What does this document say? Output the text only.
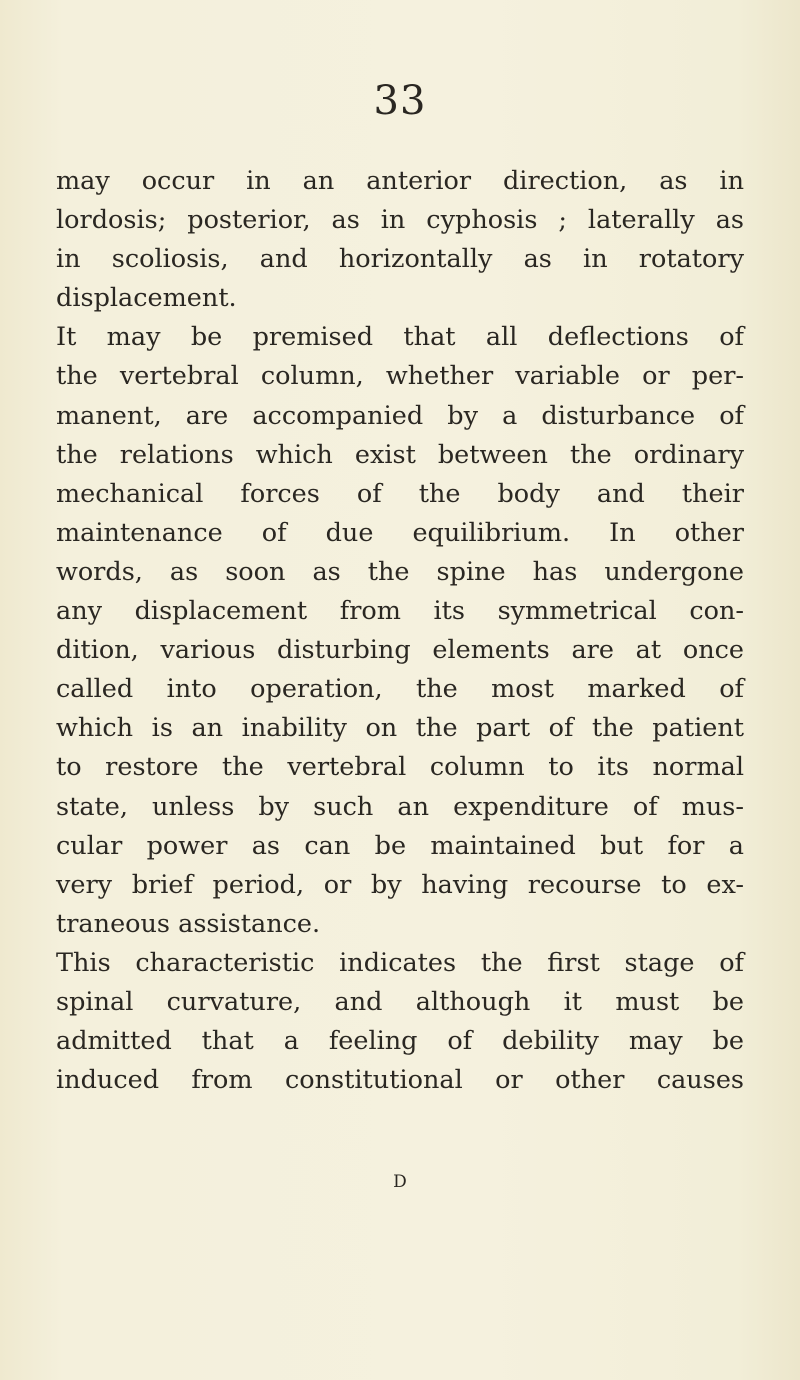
33
may occur in an anterior direction, as in
lordosis; posterior, as in cyphosis ; laterally as
in scoliosis, and horizontally as in rotatory
displacement.
It may be premised that all deflections of
the vertebral column, whether variable or per-
manent, are accompanied by a disturbance of
the relations which exist between the ordinary
mechanical forces of the body and their
maintenance of due equilibrium. In other
words, as soon as the spine has undergone
any displacement from its symmetrical con-
dition, various disturbing elements are at once
called into operation, the most marked of
which is an inability on the part of the patient
to restore the vertebral column to its normal
state, unless by such an expenditure of mus-
cular power as can be maintained but for a
very brief period, or by having recourse to ex-
traneous assistance.
This characteristic indicates the first stage of
spinal curvature, and although it must be
admitted that a feeling of debility may be
induced from constitutional or other causes
D
